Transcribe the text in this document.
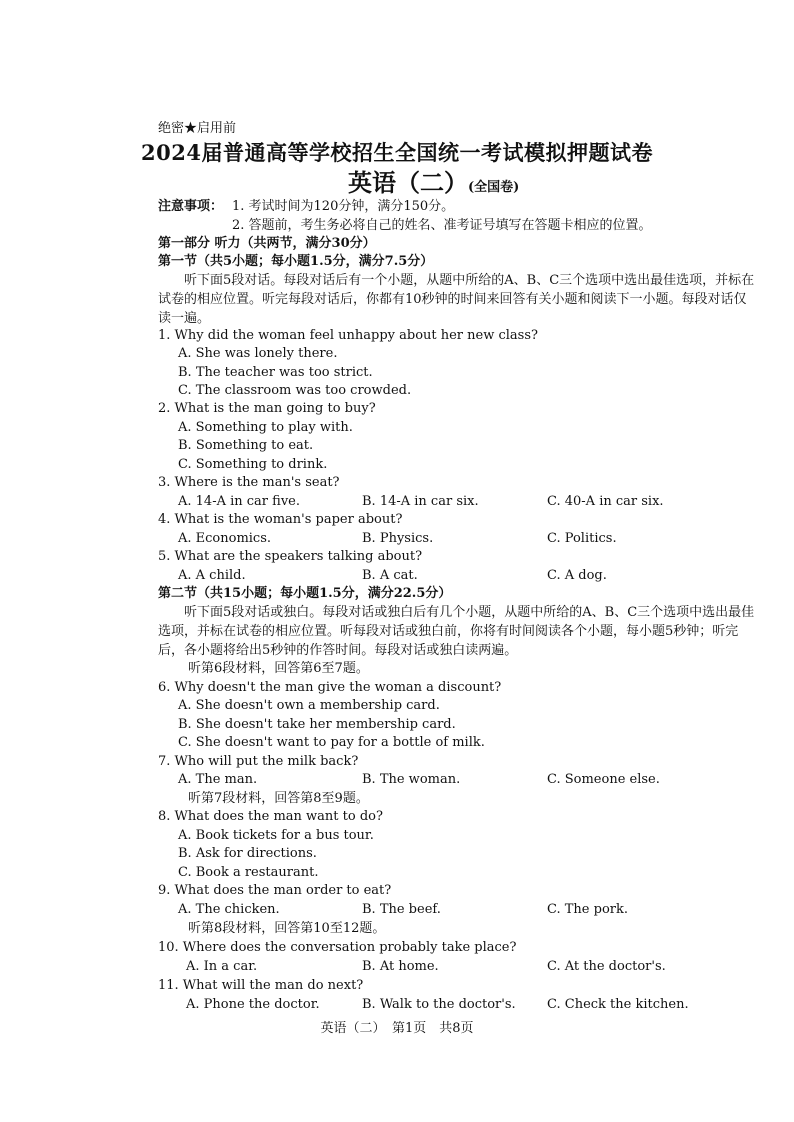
绝密★启用前
2024届普通高等学校招生全国统一考试模拟押题试卷
英语（二）(全国卷)
注意事项： 1. 考试时间为120分钟，满分150分。
2. 答题前，考生务必将自己的姓名、准考证号填写在答题卡相应的位置。
第一部分 听力（共两节，满分30分）
第一节（共5小题；每小题1.5分，满分7.5分）
听下面5段对话。每段对话后有一个小题，从题中所给的A、B、C三个选项中选出最佳选项，并标在试卷的相应位置。听完每段对话后，你都有10秒钟的时间来回答有关小题和阅读下一小题。每段对话仅读一遍。
1. Why did the woman feel unhappy about her new class?
A. She was lonely there.
B. The teacher was too strict.
C. The classroom was too crowded.
2. What is the man going to buy?
A. Something to play with.
B. Something to eat.
C. Something to drink.
3. Where is the man's seat?
A. 14-A in car five.	B. 14-A in car six.	C. 40-A in car six.
4. What is the woman's paper about?
A. Economics.	B. Physics.	C. Politics.
5. What are the speakers talking about?
A. A child.	B. A cat.	C. A dog.
第二节（共15小题；每小题1.5分，满分22.5分）
听下面5段对话或独白。每段对话或独白后有几个小题，从题中所给的A、B、C三个选项中选出最佳选项，并标在试卷的相应位置。听每段对话或独白前，你将有时间阅读各个小题，每小题5秒钟；听完后，各小题将给出5秒钟的作答时间。每段对话或独白读两遍。
听第6段材料，回答第6至7题。
6. Why doesn't the man give the woman a discount?
A. She doesn't own a membership card.
B. She doesn't take her membership card.
C. She doesn't want to pay for a bottle of milk.
7. Who will put the milk back?
A. The man.	B. The woman.	C. Someone else.
听第7段材料，回答第8至9题。
8. What does the man want to do?
A. Book tickets for a bus tour.
B. Ask for directions.
C. Book a restaurant.
9. What does the man order to eat?
A. The chicken.	B. The beef.	C. The pork.
听第8段材料，回答第10至12题。
10. Where does the conversation probably take place?
A. In a car.	B. At home.	C. At the doctor's.
11. What will the man do next?
A. Phone the doctor.	B. Walk to the doctor's. C. Check the kitchen.
英语（二）　第1页　共8页
